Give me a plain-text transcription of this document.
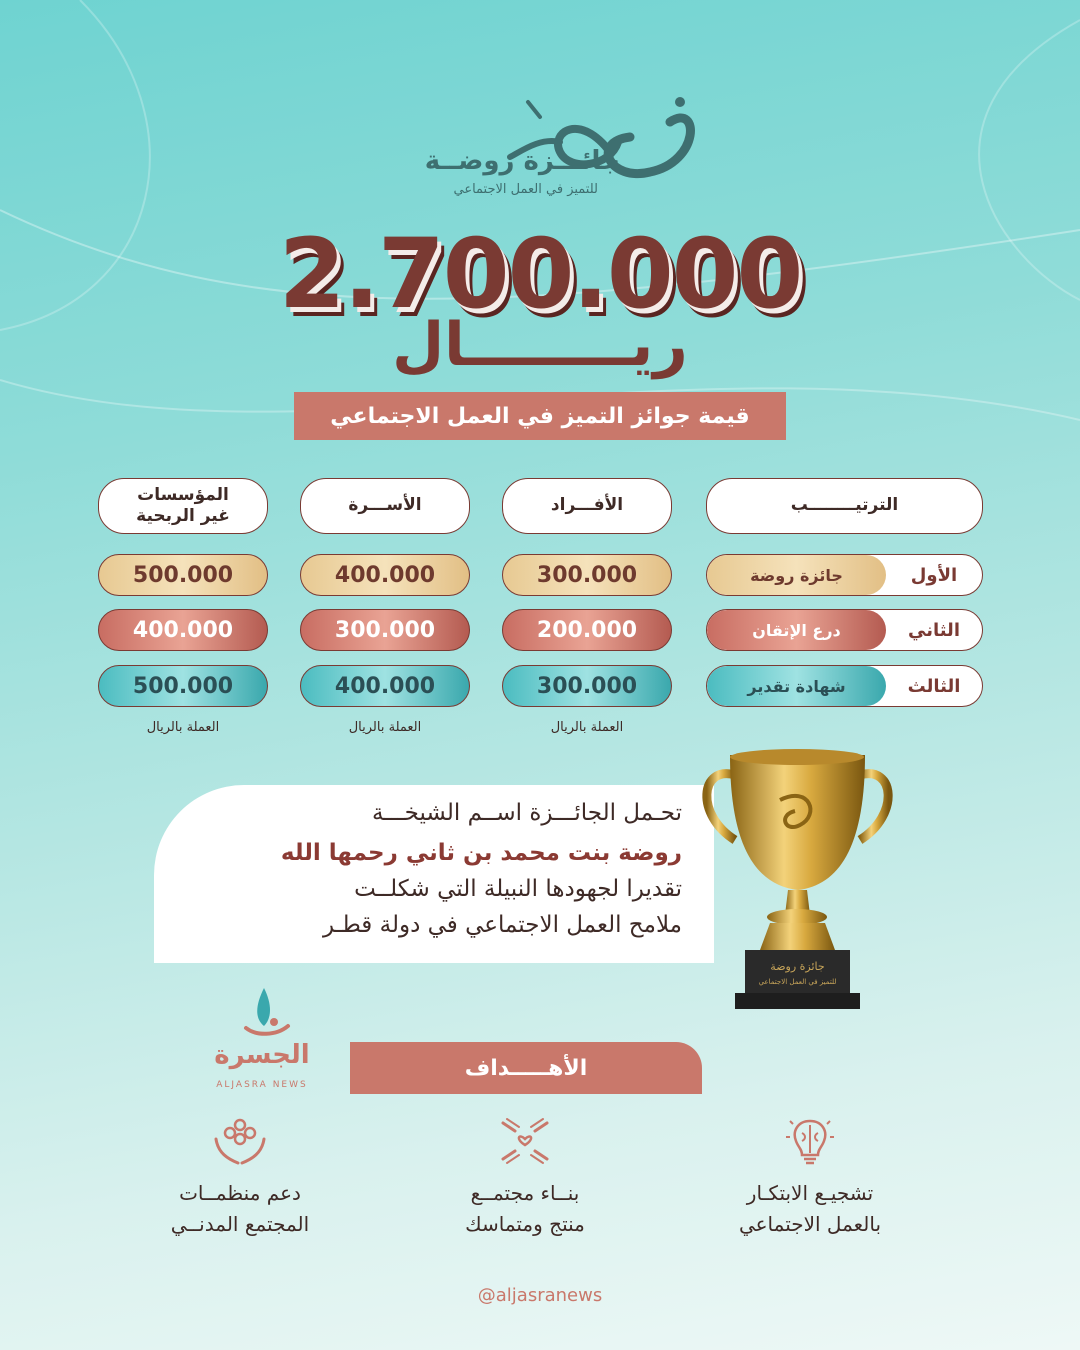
جائـــزة روضــة
للتميز في العمل الاجتماعي
2.700.000
ريــــــــال
قيمة جوائز التميز في العمل الاجتماعي
الترتيــــــــب
الأفـــراد
الأســـرة
المؤسسات غير الربحية
الأول
جائزة روضة
300.000
400.000
500.000
الثاني
درع الإتقان
200.000
300.000
400.000
الثالث
شهادة تقدير
300.000
400.000
500.000
العملة بالريال
العملة بالريال
العملة بالريال
تحـمل الجائـــزة اســم الشيخـــة
روضة بنت محمد بن ثاني رحمها الله
تقديرا لجهودها النبيلة التي شكلــت
ملامح العمل الاجتماعي في دولة قطـر
جائزة روضة
للتميز في العمل الاجتماعي
الجسرة
ALJASRA NEWS
الأهـــــداف
تشجيـع الابتكـار
بالعمل الاجتماعي
بنــاء مجتمــع
منتج ومتماسك
دعم منظمــات
المجتمع المدنــي
@aljasranews
